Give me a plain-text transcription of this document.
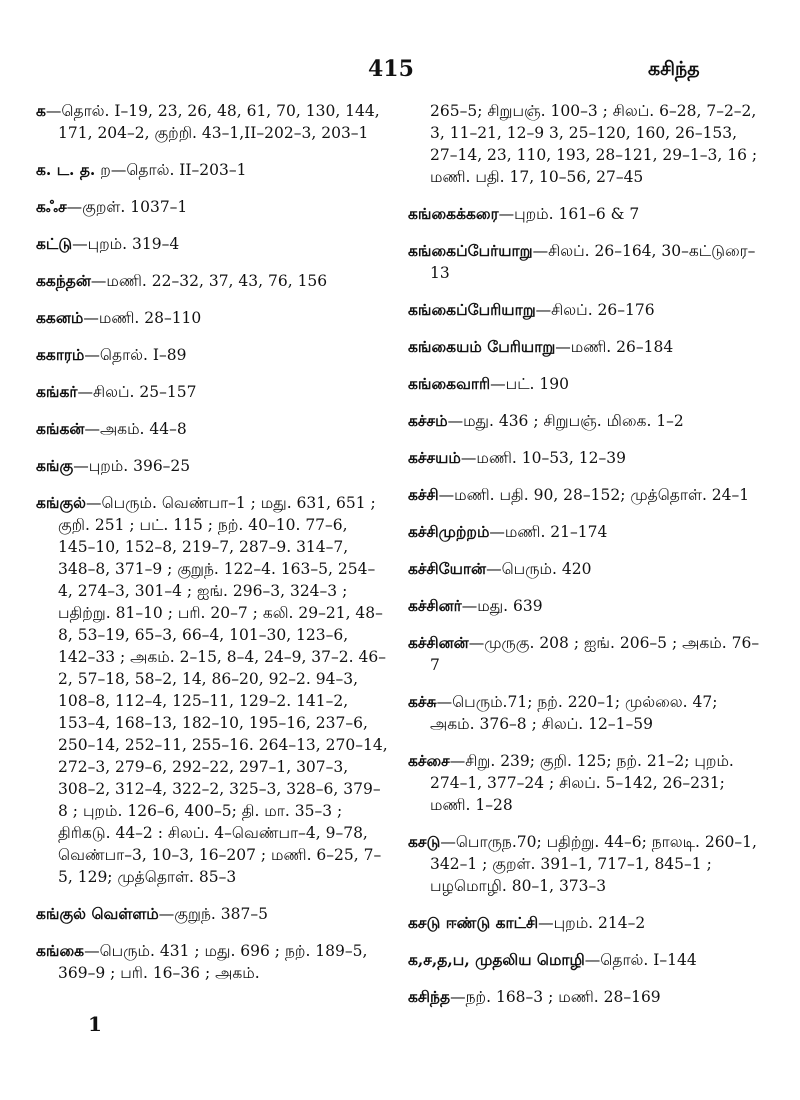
415	கசிந்த

க—தொல். I–19, 23, 26, 48, 61, 70, 130, 144, 171, 204–2, குற்றி. 43–1,II–202–3, 203–1

க. ட. த. ற—தொல். II–203–1

கஃச—குறள். 1037–1

கட்டு—புறம். 319–4

ககந்தன்—மணி. 22–32, 37, 43, 76, 156

ககனம்—மணி. 28–110

ககாரம்—தொல். I–89

கங்கர்—சிலப். 25–157

கங்கன்—அகம். 44–8

கங்கு—புறம். 396–25

கங்குல்—பெரும். வெண்பா–1 ; மது. 631, 651 ; குறி. 251 ; பட். 115 ; நற். 40–10. 77–6, 145–10, 152–8, 219–7, 287–9. 314–7, 348–8, 371–9 ; குறுந். 122–4. 163–5, 254–4, 274–3, 301–4 ; ஐங். 296–3, 324–3 ; பதிற்று. 81–10 ; பரி. 20–7 ; கலி. 29–21, 48–8, 53–19, 65–3, 66–4, 101–30, 123–6, 142–33 ; அகம். 2–15, 8–4, 24–9, 37–2. 46–2, 57–18, 58–2, 14, 86–20, 92–2. 94–3, 108–8, 112–4, 125–11, 129–2. 141–2, 153–4, 168–13, 182–10, 195–16, 237–6, 250–14, 252–11, 255–16. 264–13, 270–14, 272–3, 279–6, 292–22, 297–1, 307–3, 308–2, 312–4, 322–2, 325–3, 328–6, 379–8 ; புறம். 126–6, 400–5; தி. மா. 35–3 ; திரிகடு. 44–2 : சிலப். 4–வெண்பா–4, 9–78, வெண்பா–3, 10–3, 16–207 ; மணி. 6–25, 7–5, 129; முத்தொள். 85–3

கங்குல் வெள்ளம்—குறுந். 387–5

கங்கை—பெரும். 431 ; மது. 696 ; நற். 189–5, 369–9 ; பரி. 16–36 ; அகம்.

265–5; சிறுபஞ். 100–3 ; சிலப். 6–28, 7–2–2, 3, 11–21, 12–9 3, 25–120, 160, 26–153, 27–14, 23, 110, 193, 28–121, 29–1–3, 16 ; மணி. பதி. 17, 10–56, 27–45

கங்கைக்கரை—புறம். 161–6 & 7

கங்கைப்பேர்யாறு—சிலப். 26–164, 30–கட்டுரை–13

கங்கைப்பேரியாறு—சிலப். 26–176

கங்கையம் பேரியாறு—மணி. 26–184

கங்கைவாரி—பட். 190

கச்சம்—மது. 436 ; சிறுபஞ். மிகை. 1–2

கச்சயம்—மணி. 10–53, 12–39

கச்சி—மணி. பதி. 90, 28–152; முத்தொள். 24–1

கச்சிமுற்றம்—மணி. 21–174

கச்சியோன்—பெரும். 420

கச்சினர்—மது. 639

கச்சினன்—முருகு. 208 ; ஐங். 206–5 ; அகம். 76–7

கச்சு—பெரும்.71; நற். 220–1; முல்லை. 47; அகம். 376–8 ; சிலப். 12–1–59

கச்சை—சிறு. 239; குறி. 125; நற். 21–2; புறம். 274–1, 377–24 ; சிலப். 5–142, 26–231; மணி. 1–28

கசடு—பொருந.70; பதிற்று. 44–6; நாலடி. 260–1, 342–1 ; குறள். 391–1, 717–1, 845–1 ; பழமொழி. 80–1, 373–3

கசடு ஈண்டு காட்சி—புறம். 214–2

க,ச,த,ப, முதலிய மொழி—தொல். I–144

கசிந்த—நற். 168–3 ; மணி. 28–169

1
